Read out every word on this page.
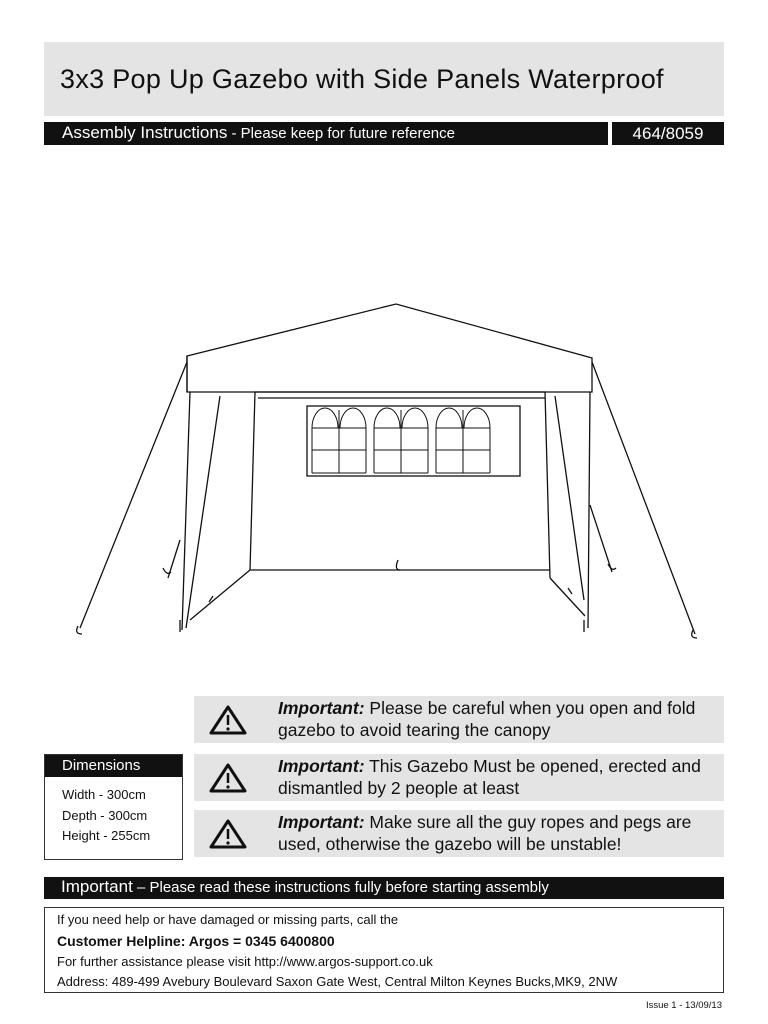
3x3 Pop Up Gazebo with Side Panels Waterproof
Assembly Instructions - Please keep for future reference	464/8059
Important: Please be careful when you open and fold gazebo to avoid tearing the canopy
Important: This Gazebo Must be opened, erected and dismantled by 2 people at least
Important: Make sure all the guy ropes and pegs are used, otherwise the gazebo will be unstable!
Dimensions
Width - 300cm
Depth - 300cm
Height - 255cm
Important – Please read these instructions fully before starting assembly
If you need help or have damaged or missing parts, call the
Customer Helpline: Argos = 0345 6400800
For further assistance please visit http://www.argos-support.co.uk
Address: 489-499 Avebury Boulevard Saxon Gate West, Central Milton Keynes Bucks,MK9, 2NW
Issue 1 - 13/09/13
